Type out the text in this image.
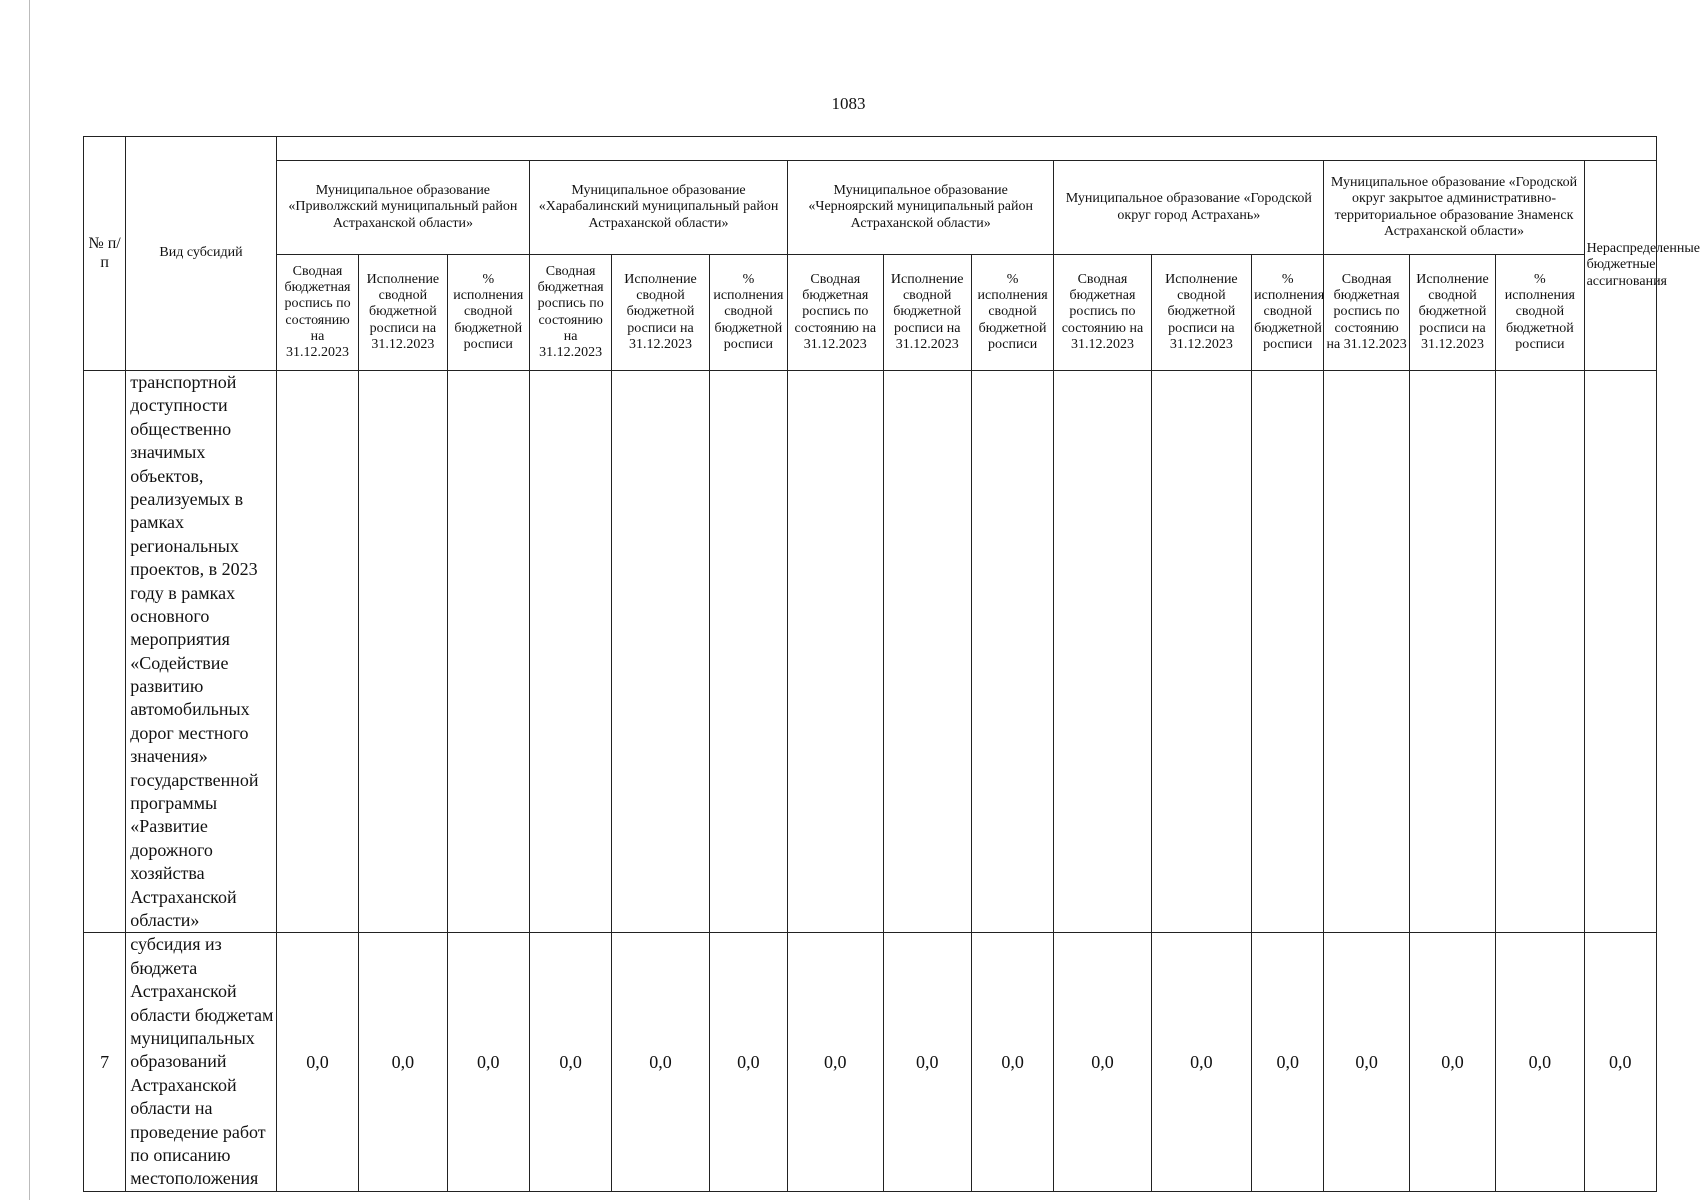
1083
№ п/п	Вид субсидий																
		Муниципальное образование «Приволжский муниципальный район Астраханской области»			Муниципальное образование «Харабалинский муниципальный район Астраханской области»			Муниципальное образование «Черноярский муниципальный район Астраханской области»			Муниципальное образование «Городской округ город Астрахань»			Муниципальное образование «Городской округ закрытое административно-территориальное образование Знаменск Астраханской области»			Нераспределенные бюджетные ассигнования
		Сводная бюджетная роспись по состоянию на 31.12.2023	Исполнение сводной бюджетной росписи на 31.12.2023	% исполнения сводной бюджетной росписи	Сводная бюджетная роспись по состоянию на 31.12.2023	Исполнение сводной бюджетной росписи на 31.12.2023	% исполнения сводной бюджетной росписи	Сводная бюджетная роспись по состоянию на 31.12.2023	Исполнение сводной бюджетной росписи на 31.12.2023	% исполнения сводной бюджетной росписи	Сводная бюджетная роспись по состоянию на 31.12.2023	Исполнение сводной бюджетной росписи на 31.12.2023	% исполнения сводной бюджетной росписи	Сводная бюджетная роспись по состоянию на 31.12.2023	Исполнение сводной бюджетной росписи на 31.12.2023	% исполнения сводной бюджетной росписи	
	транспортной доступности общественно значимых объектов, реализуемых в рамках региональных проектов, в 2023 году в рамках основного мероприятия «Содействие развитию автомобильных дорог местного значения» государственной программы «Развитие дорожного хозяйства Астраханской области»																
7	субсидия из бюджета Астраханской области бюджетам муниципальных образований Астраханской области на проведение работ по описанию местоположения	0,0	0,0	0,0	0,0	0,0	0,0	0,0	0,0	0,0	0,0	0,0	0,0	0,0	0,0	0,0	0,0
